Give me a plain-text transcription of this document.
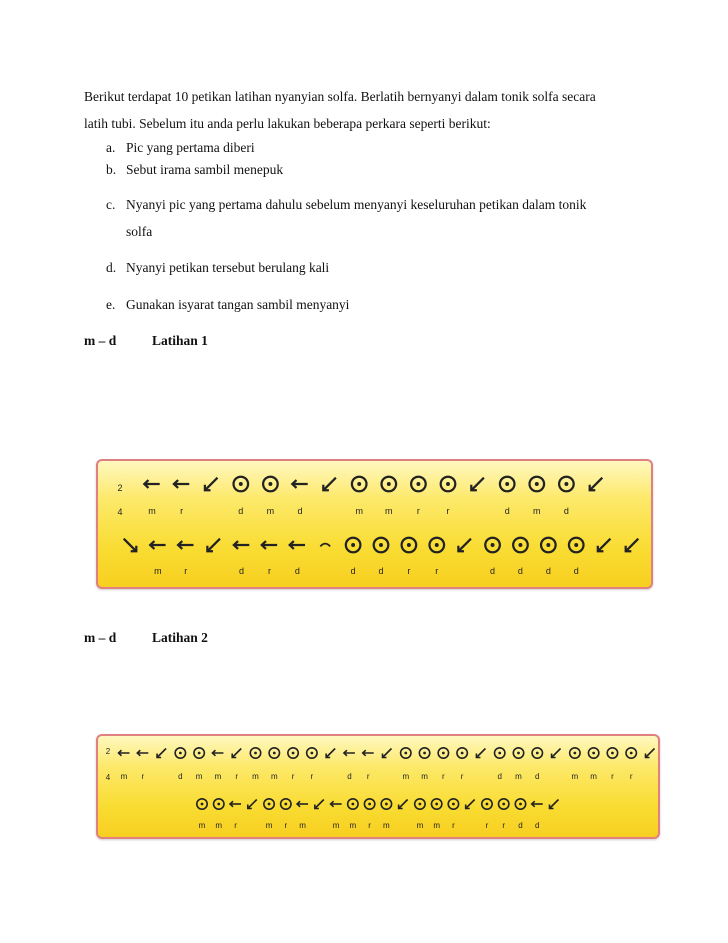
Berikut terdapat 10 petikan latihan nyanyian solfa. Berlatih bernyanyi dalam tonik solfa secara
latih tubi. Sebelum itu anda perlu lakukan beberapa perkara seperti berikut:
a. Pic yang pertama diberi
b. Sebut irama sambil menepuk
c. Nyanyi pic yang pertama dahulu sebelum menyanyi keseluruhan petikan dalam tonik
solfa
d. Nyanyi petikan tersebut berulang kali
e. Gunakan isyarat tangan sambil menyanyi
m – d	Latihan 1
2
4	m	r	d	m	d	m m	r	r	d	m	d
m	r	d	r	d	d	d	r	r	d	d	d	d
m – d	Latihan 2
2
4 m r	d m m r m m r r	d r	m m r r	d m d	m m r r
m m r	m r m	m m r m	m m r	r r d d
